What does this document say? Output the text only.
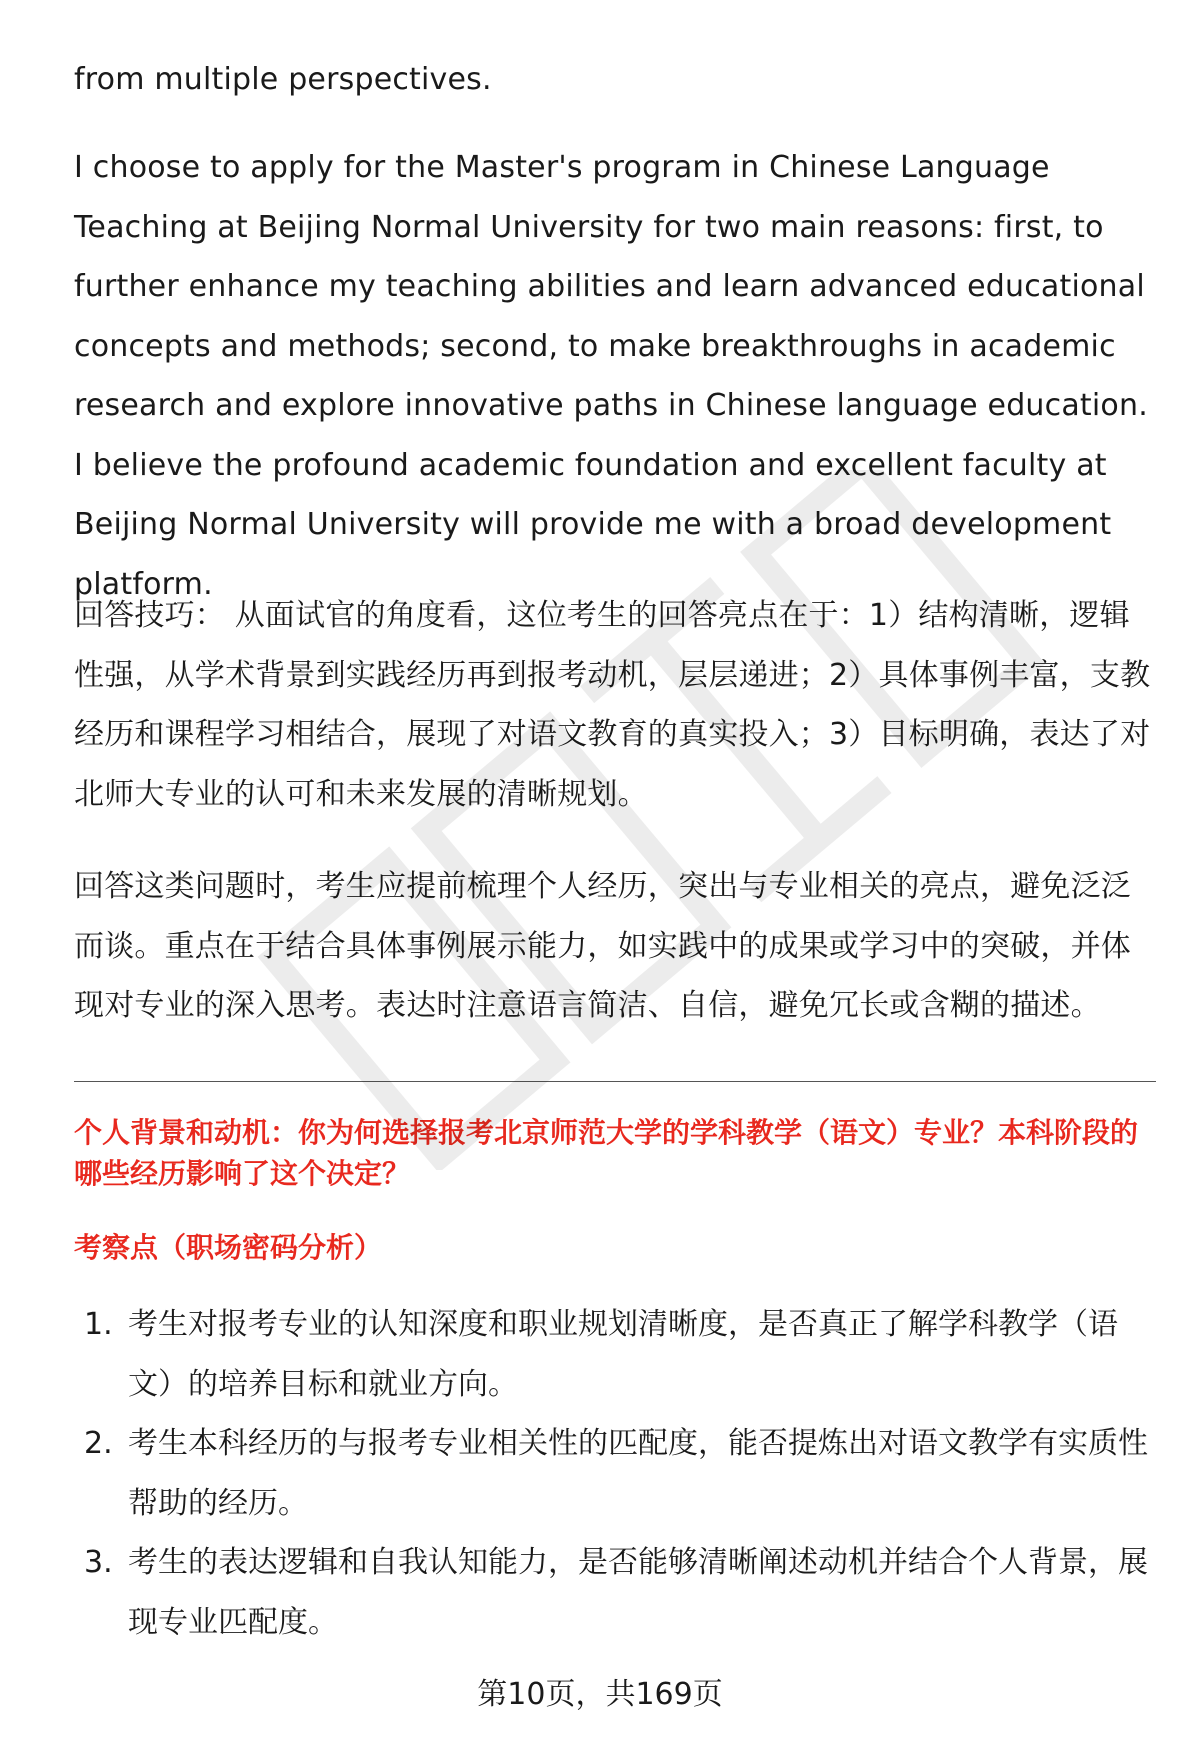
from multiple perspectives.

I choose to apply for the Master's program in Chinese Language Teaching at Beijing Normal University for two main reasons: first, to further enhance my teaching abilities and learn advanced educational concepts and methods; second, to make breakthroughs in academic research and explore innovative paths in Chinese language education. I believe the profound academic foundation and excellent faculty at Beijing Normal University will provide me with a broad development platform.

回答技巧： 从面试官的角度看，这位考生的回答亮点在于：1）结构清晰，逻辑性强，从学术背景到实践经历再到报考动机，层层递进；2）具体事例丰富，支教经历和课程学习相结合，展现了对语文教育的真实投入；3）目标明确，表达了对北师大专业的认可和未来发展的清晰规划。

回答这类问题时，考生应提前梳理个人经历，突出与专业相关的亮点，避免泛泛而谈。重点在于结合具体事例展示能力，如实践中的成果或学习中的突破，并体现对专业的深入思考。表达时注意语言简洁、自信，避免冗长或含糊的描述。

个人背景和动机：你为何选择报考北京师范大学的学科教学（语文）专业？本科阶段的哪些经历影响了这个决定？

考察点（职场密码分析）

1. 考生对报考专业的认知深度和职业规划清晰度，是否真正了解学科教学（语文）的培养目标和就业方向。
2. 考生本科经历的与报考专业相关性的匹配度，能否提炼出对语文教学有实质性帮助的经历。
3. 考生的表达逻辑和自我认知能力，是否能够清晰阐述动机并结合个人背景，展现专业匹配度。
第10页，共169页
